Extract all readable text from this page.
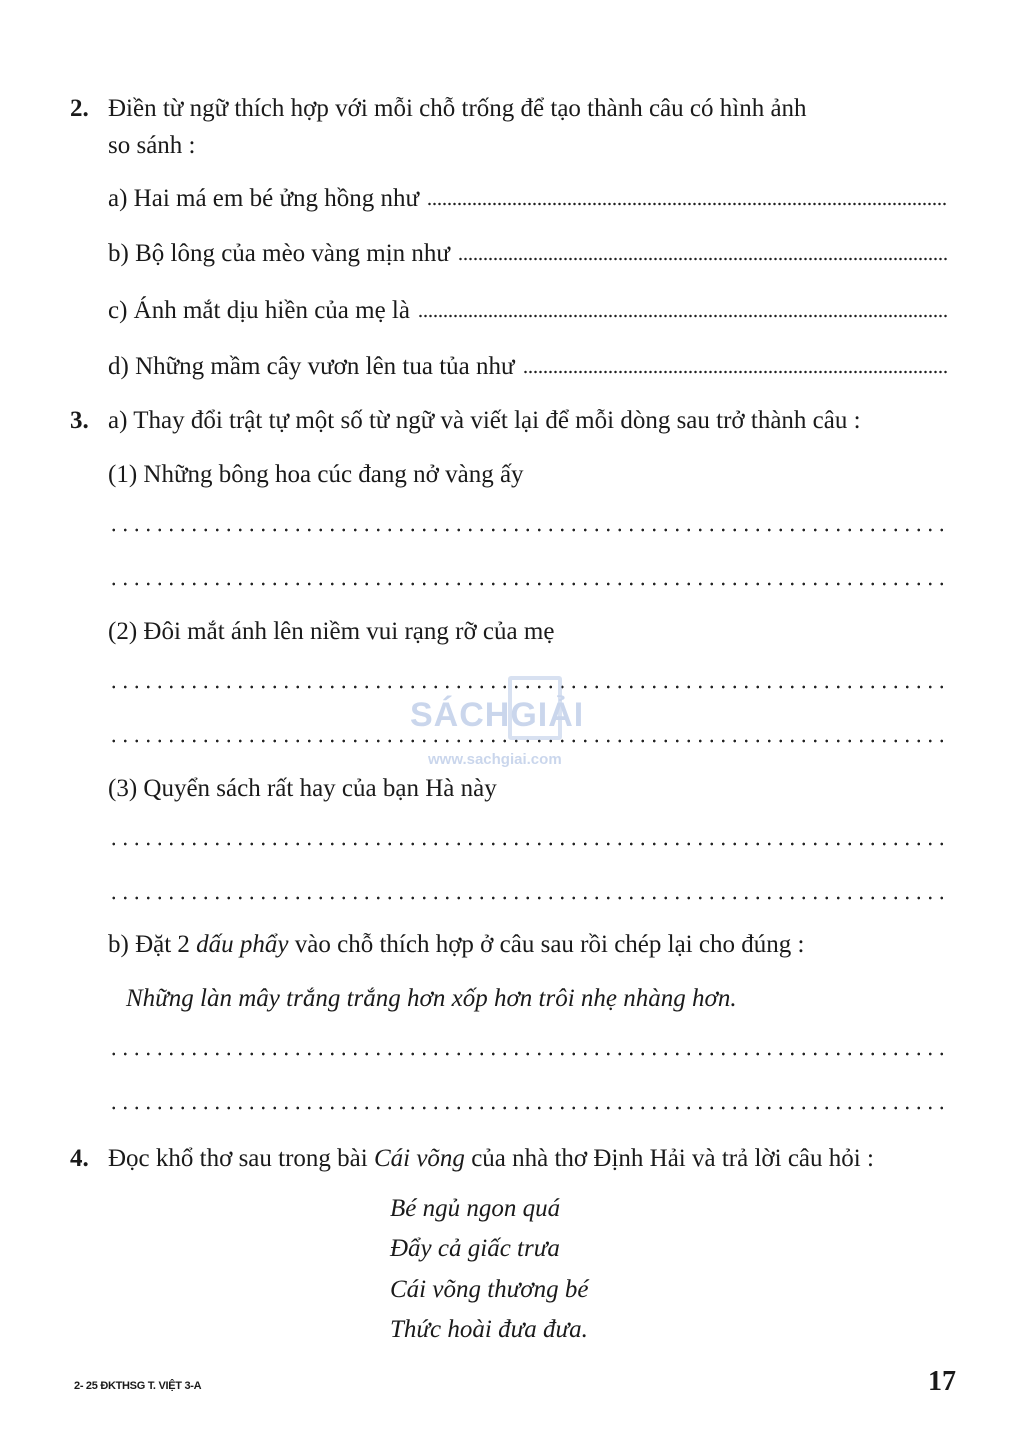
2. Điền từ ngữ thích hợp với mỗi chỗ trống để tạo thành câu có hình ảnh
so sánh :
a) Hai má em bé ửng hồng như
b) Bộ lông của mèo vàng mịn như
c) Ánh mắt dịu hiền của mẹ là
d) Những mầm cây vươn lên tua tủa như
3. a) Thay đổi trật tự một số từ ngữ và viết lại để mỗi dòng sau trở thành câu :
(1) Những bông hoa cúc đang nở vàng ấy
(2) Đôi mắt ánh lên niềm vui rạng rỡ của mẹ
(3) Quyển sách rất hay của bạn Hà này
b) Đặt 2 dấu phẩy vào chỗ thích hợp ở câu sau rồi chép lại cho đúng :
Những làn mây trắng trắng hơn xốp hơn trôi nhẹ nhàng hơn.
4. Đọc khổ thơ sau trong bài Cái võng của nhà thơ Định Hải và trả lời câu hỏi :
Bé ngủ ngon quá
Đẩy cả giấc trưa
Cái võng thương bé
Thức hoài đưa đưa.
SÁCHGIẢI
www.sachgiai.com
2- 25 ĐKTHSG T. VIỆT 3-A	17
